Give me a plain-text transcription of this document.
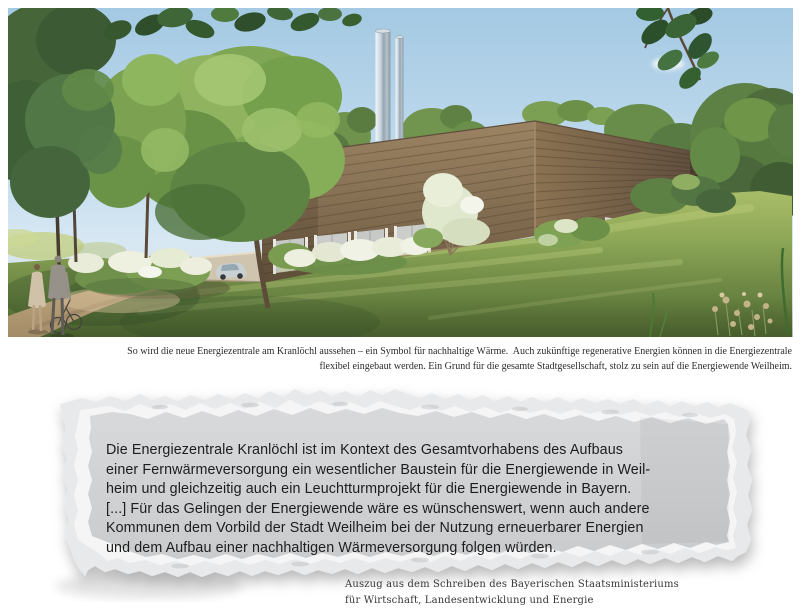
So wird die neue Energiezentrale am Kranlöchl aussehen – ein Symbol für nachhaltige Wärme.  Auch zukünftige regenerative Energien können in die Energiezentrale
flexibel eingebaut werden. Ein Grund für die gesamte Stadtgesellschaft, stolz zu sein auf die Energiewende Weilheim.
Die Energiezentrale Kranlöchl ist im Kontext des Gesamtvorhabens des Aufbaus
einer Fernwärmeversorgung ein wesentlicher Baustein für die Energiewende in Weil-
heim und gleichzeitig auch ein Leuchtturmprojekt für die Energiewende in Bayern.
[...] Für das Gelingen der Energiewende wäre es wünschenswert, wenn auch andere
Kommunen dem Vorbild der Stadt Weilheim bei der Nutzung erneuerbarer Energien
und dem Aufbau einer nachhaltigen Wärmeversorgung folgen würden.
Auszug aus dem Schreiben des Bayerischen Staatsministeriums
für Wirtschaft, Landesentwicklung und Energie
